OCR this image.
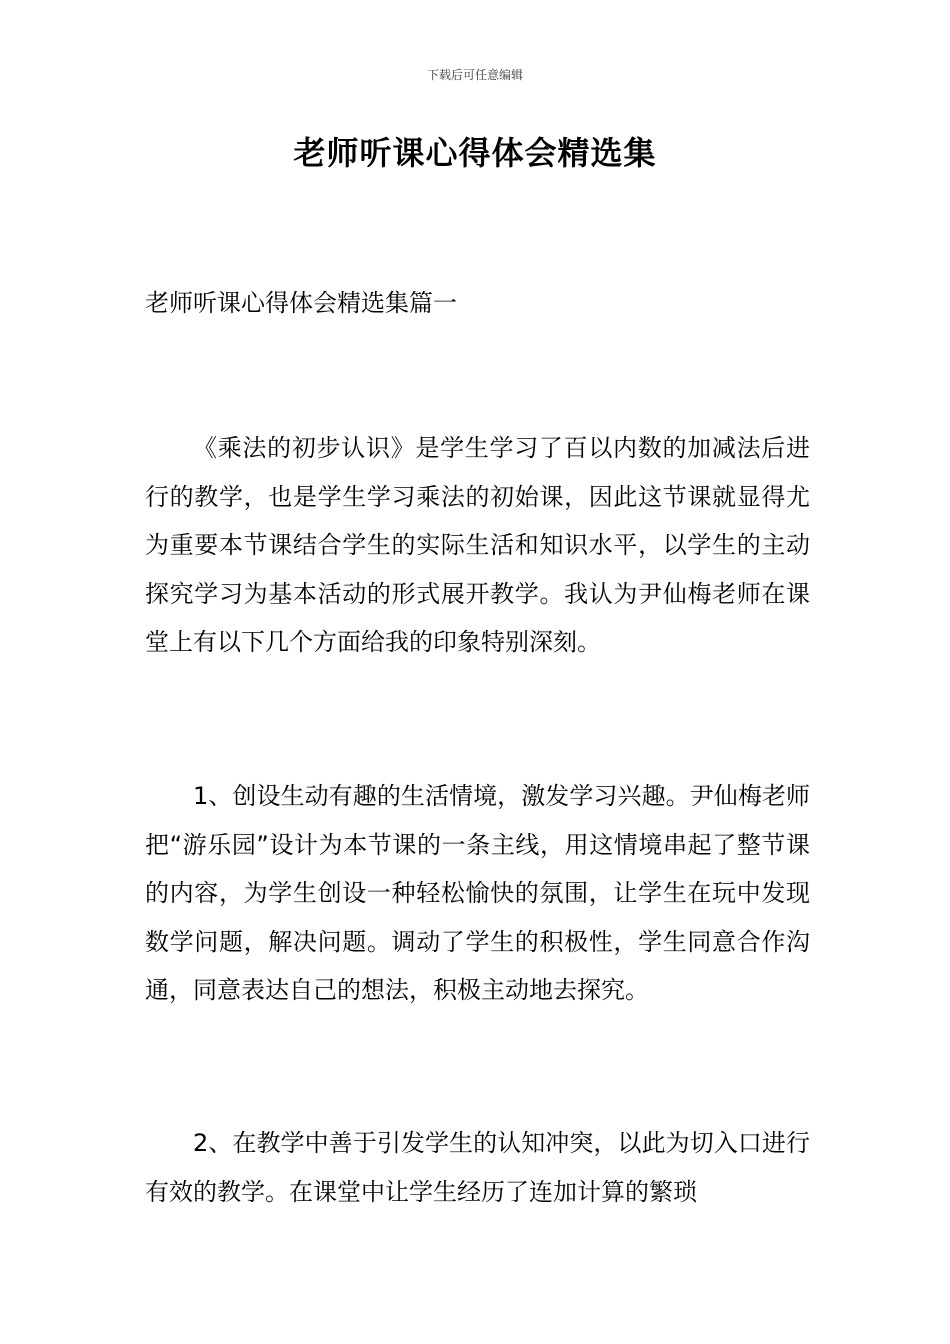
下载后可任意编辑
老师听课心得体会精选集
老师听课心得体会精选集篇一

《乘法的初步认识》是学生学习了百以内数的加减法后进行的教学，也是学生学习乘法的初始课，因此这节课就显得尤为重要本节课结合学生的实际生活和知识水平，以学生的主动探究学习为基本活动的形式展开教学。我认为尹仙梅老师在课堂上有以下几个方面给我的印象特别深刻。

1、创设生动有趣的生活情境，激发学习兴趣。尹仙梅老师把“游乐园”设计为本节课的一条主线，用这情境串起了整节课的内容，为学生创设一种轻松愉快的氛围，让学生在玩中发现数学问题，解决问题。调动了学生的积极性，学生同意合作沟通，同意表达自己的想法，积极主动地去探究。

2、在教学中善于引发学生的认知冲突，以此为切入口进行有效的教学。在课堂中让学生经历了连加计算的繁琐
